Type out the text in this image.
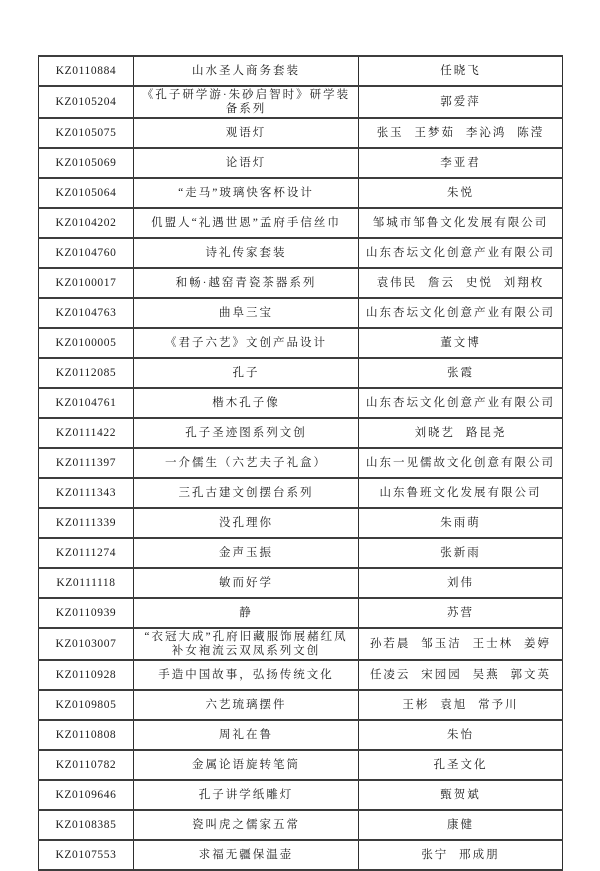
KZ0110884	山水圣人商务套装	任晓飞
KZ0105204	《孔子研学游·朱砂启智时》研学装备系列	郭爱萍
KZ0105075	观语灯	张玉 王梦茹 李沁鸿 陈滢
KZ0105069	论语灯	李亚君
KZ0105064	“走马”玻璃快客杯设计	朱悦
KZ0104202	仉盟人“礼遇世恩”孟府手信丝巾	邹城市邹鲁文化发展有限公司
KZ0104760	诗礼传家套装	山东杏坛文化创意产业有限公司
KZ0100017	和畅·越窑青瓷茶器系列	袁伟民 詹云 史悦 刘翔枚
KZ0104763	曲阜三宝	山东杏坛文化创意产业有限公司
KZ0100005	《君子六艺》文创产品设计	董文博
KZ0112085	孔子	张霞
KZ0104761	楷木孔子像	山东杏坛文化创意产业有限公司
KZ0111422	孔子圣迹图系列文创	刘晓艺 路昆尧
KZ0111397	一介儒生（六艺夫子礼盒）	山东一见儒故文化创意有限公司
KZ0111343	三孔古建文创摆台系列	山东鲁班文化发展有限公司
KZ0111339	没孔理你	朱雨萌
KZ0111274	金声玉振	张新雨
KZ0111118	敏而好学	刘伟
KZ0110939	静	苏营
KZ0103007	“衣冠大成”孔府旧藏服饰展赭红凤补女袍流云双凤系列文创	孙若晨 邹玉洁 王士林 姜婷
KZ0110928	手造中国故事，弘扬传统文化	任凌云 宋园园 吴燕 郭文英
KZ0109805	六艺琉璃摆件	王彬 袁旭 常予川
KZ0110808	周礼在鲁	朱怡
KZ0110782	金属论语旋转笔筒	孔圣文化
KZ0109646	孔子讲学纸雕灯	甄贺斌
KZ0108385	瓷叫虎之儒家五常	康健
KZ0107553	求福无疆保温壶	张宁 邢成朋
